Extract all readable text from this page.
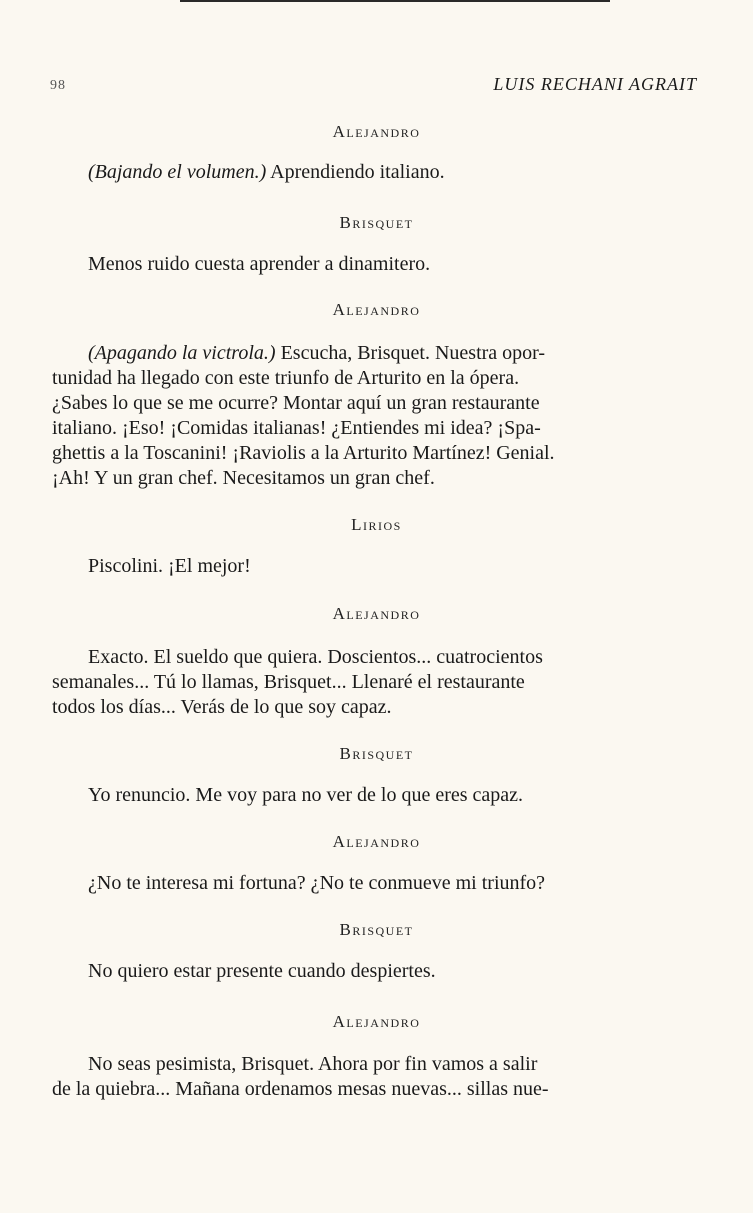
98	LUIS RECHANI AGRAIT
Alejandro
(Bajando el volumen.) Aprendiendo italiano.
Brisquet
Menos ruido cuesta aprender a dinamitero.
Alejandro
(Apagando la victrola.) Escucha, Brisquet. Nuestra opor-
tunidad ha llegado con este triunfo de Arturito en la ópera.
¿Sabes lo que se me ocurre? Montar aquí un gran restaurante
italiano. ¡Eso! ¡Comidas italianas! ¿Entiendes mi idea? ¡Spa-
ghettis a la Toscanini! ¡Raviolis a la Arturito Martínez! Genial.
¡Ah! Y un gran chef. Necesitamos un gran chef.
Lirios
Piscolini. ¡El mejor!
Alejandro
Exacto. El sueldo que quiera. Doscientos... cuatrocientos
semanales... Tú lo llamas, Brisquet... Llenaré el restaurante
todos los días... Verás de lo que soy capaz.
Brisquet
Yo renuncio. Me voy para no ver de lo que eres capaz.
Alejandro
¿No te interesa mi fortuna? ¿No te conmueve mi triunfo?
Brisquet
No quiero estar presente cuando despiertes.
Alejandro
No seas pesimista, Brisquet. Ahora por fin vamos a salir
de la quiebra... Mañana ordenamos mesas nuevas... sillas nue-
